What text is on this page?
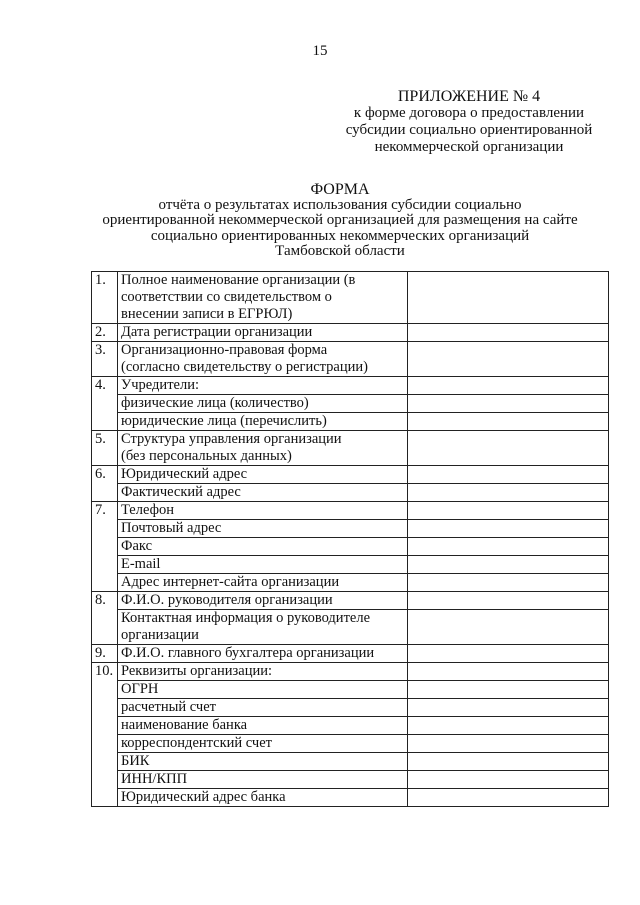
15
ПРИЛОЖЕНИЕ № 4
к форме договора о предоставлении
субсидии социально ориентированной
некоммерческой организации
ФОРМА
отчёта о результатах использования субсидии социально
ориентированной некоммерческой организацией для размещения на сайте
социально ориентированных некоммерческих организаций
Тамбовской области
1.	Полное наименование организации (в
соответствии со свидетельством о
внесении записи в ЕГРЮЛ)	

2.	Дата регистрации организации	

3.	Организационно-правовая форма
(согласно свидетельству о регистрации)	

4.	Учредители:	

	физические лица (количество)	

	юридические лица (перечислить)	

5.	Структура управления организации
(без персональных данных)	

6.	Юридический адрес	

	Фактический адрес	

7.	Телефон	

	Почтовый адрес	

	Факс	

	E-mail	

	Адрес интернет-сайта организации	

8.	Ф.И.О. руководителя организации	

	Контактная информация о руководителе
организации	

9.	Ф.И.О. главного бухгалтера организации	

10.	Реквизиты организации:	

	ОГРН	

	расчетный счет	

	наименование банка	

	корреспондентский счет	

	БИК	

	ИНН/КПП	

	Юридический адрес банка	
